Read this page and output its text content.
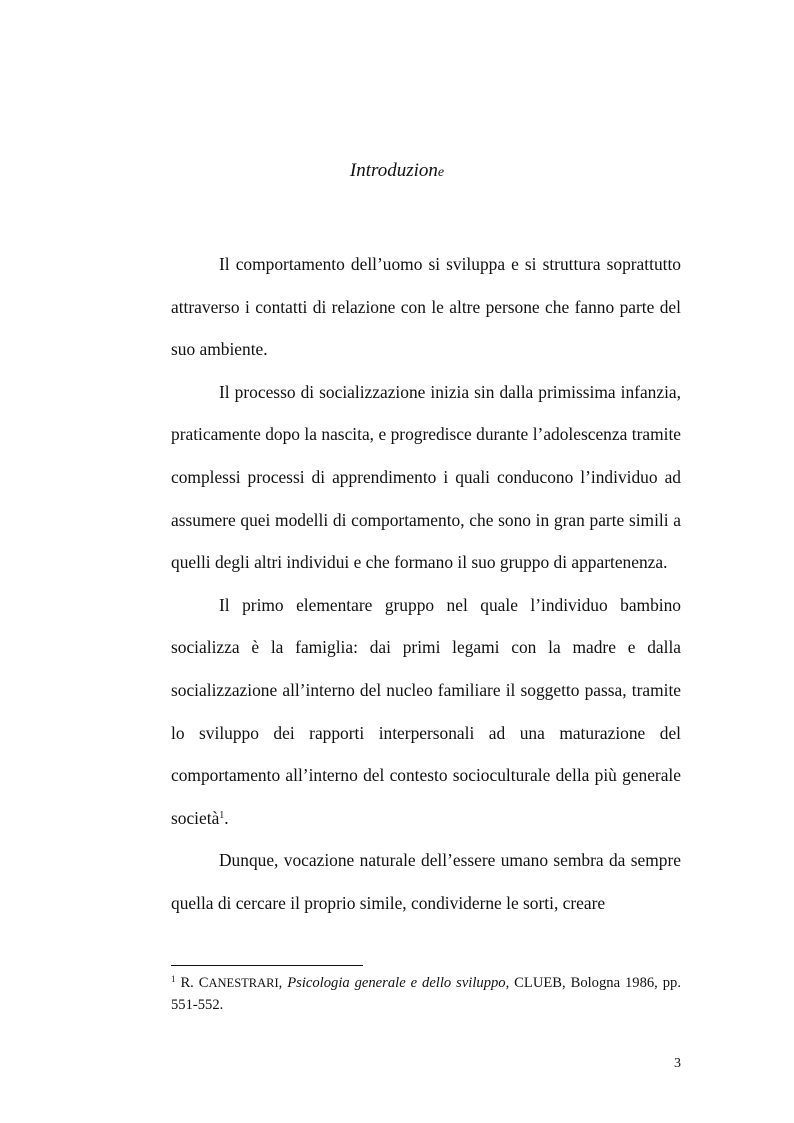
Introduzione

Il comportamento dell’uomo si sviluppa e si struttura soprattutto attraverso i contatti di relazione con le altre persone che fanno parte del suo ambiente.

Il processo di socializzazione inizia sin dalla primissima infanzia, praticamente dopo la nascita, e progredisce durante l’adolescenza tramite complessi processi di apprendimento i quali conducono l’individuo ad assumere quei modelli di comportamento, che sono in gran parte simili a quelli degli altri individui e che formano il suo gruppo di appartenenza.

Il primo elementare gruppo nel quale l’individuo bambino socializza è la famiglia: dai primi legami con la madre e dalla socializzazione all’interno del nucleo familiare il soggetto passa, tramite lo sviluppo dei rapporti interpersonali ad una maturazione del comportamento all’interno del contesto socioculturale della più generale società$^1$.

Dunque, vocazione naturale dell’essere umano sembra da sempre quella di cercare il proprio simile, condividerne le sorti, creare

$^1$ R. CANESTRARI, Psicologia generale e dello sviluppo, CLUEB, Bologna 1986, pp. 551-552.
3
